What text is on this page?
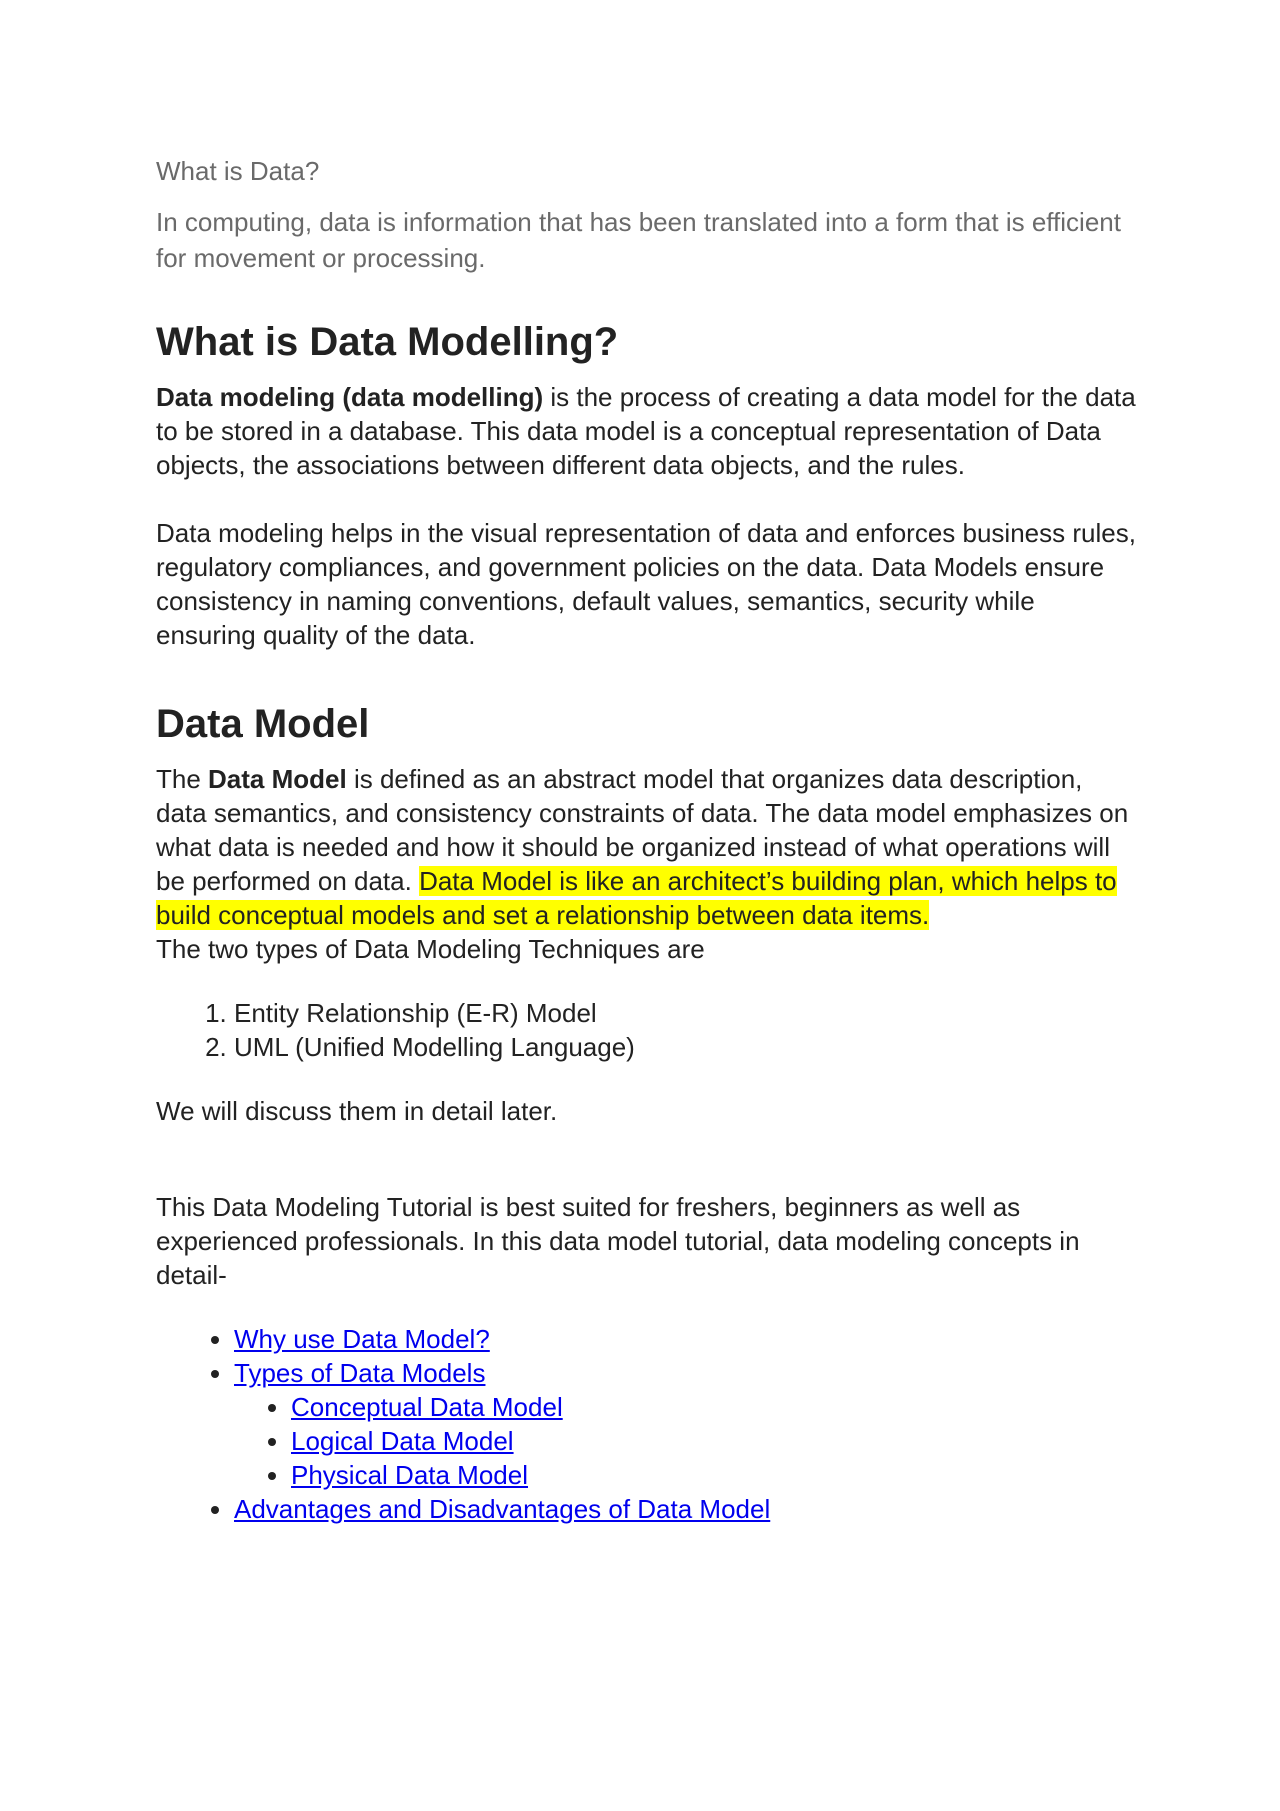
What is Data?
In computing, data is information that has been translated into a form that is efficient for movement or processing.
What is Data Modelling?

Data modeling (data modelling) is the process of creating a data model for the data to be stored in a database. This data model is a conceptual representation of Data objects, the associations between different data objects, and the rules.

Data modeling helps in the visual representation of data and enforces business rules, regulatory compliances, and government policies on the data. Data Models ensure consistency in naming conventions, default values, semantics, security while ensuring quality of the data.

Data Model

The Data Model is defined as an abstract model that organizes data description, data semantics, and consistency constraints of data. The data model emphasizes on what data is needed and how it should be organized instead of what operations will be performed on data. Data Model is like an architect’s building plan, which helps to build conceptual models and set a relationship between data items.

The two types of Data Modeling Techniques are

1. Entity Relationship (E-R) Model
2. UML (Unified Modelling Language)

We will discuss them in detail later.

This Data Modeling Tutorial is best suited for freshers, beginners as well as experienced professionals. In this data model tutorial, data modeling concepts in detail-

• Why use Data Model?
• Types of Data Models
• Conceptual Data Model
• Logical Data Model
• Physical Data Model
• Advantages and Disadvantages of Data Model
